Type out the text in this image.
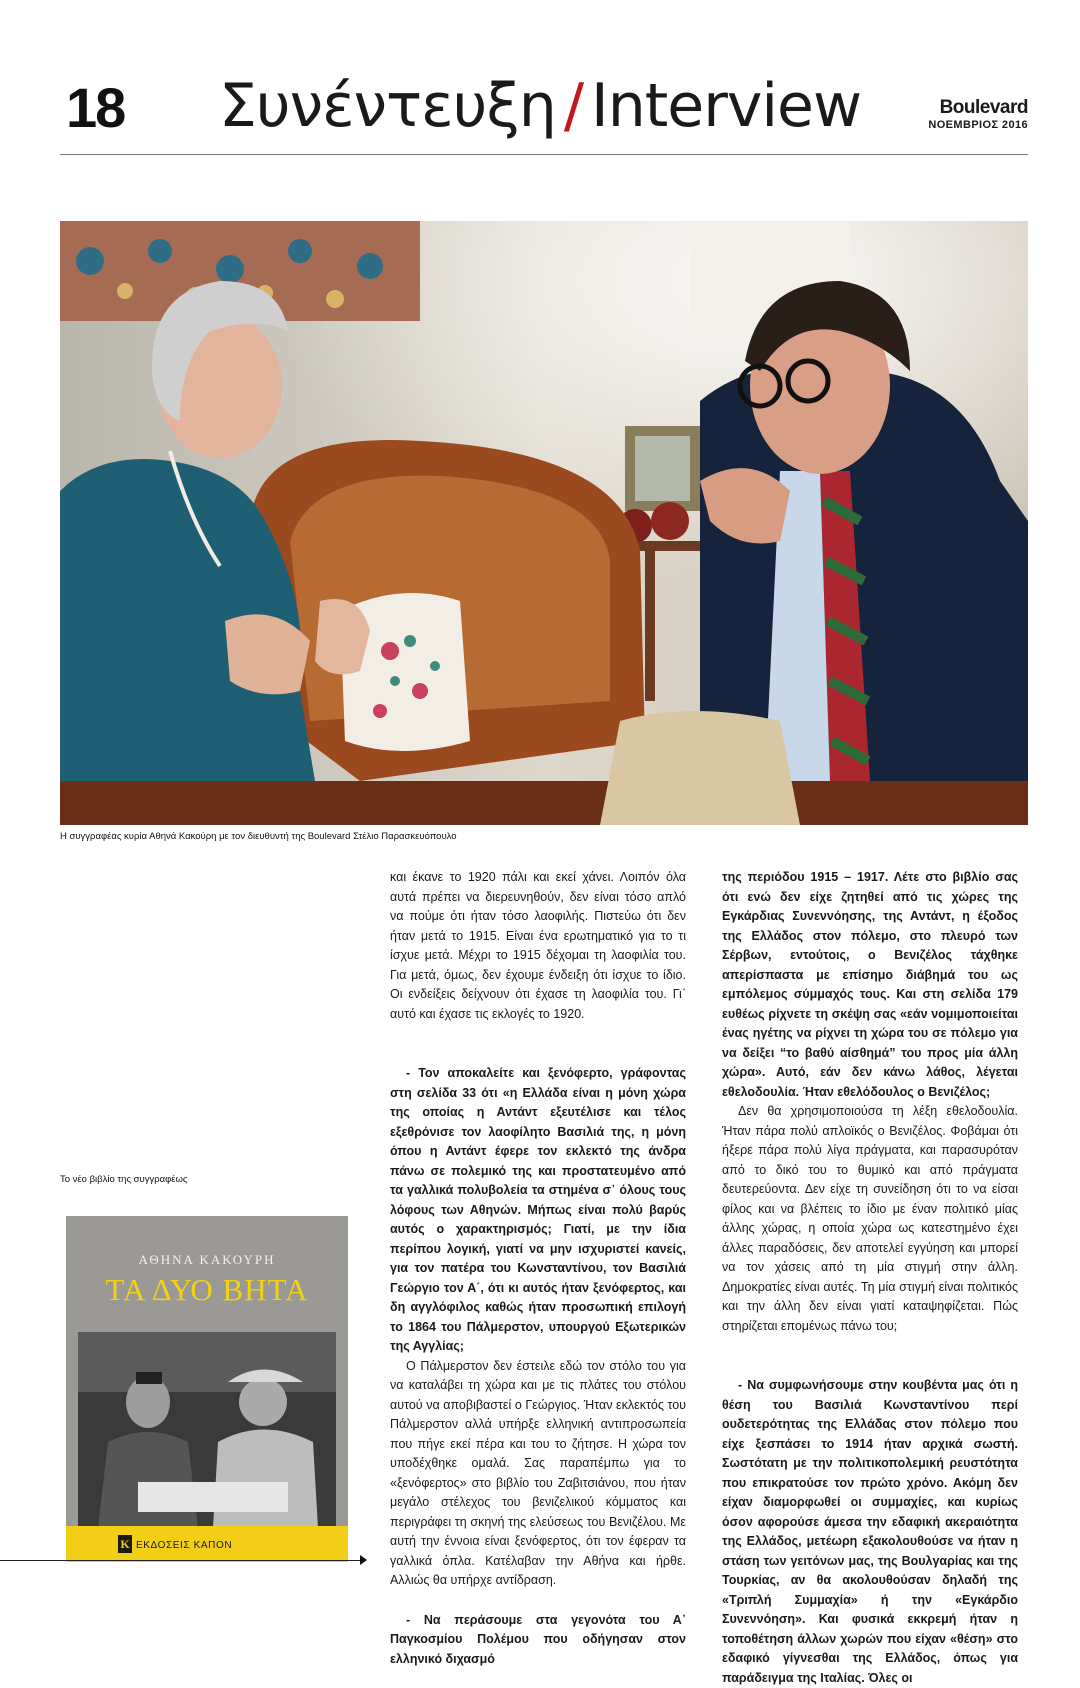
18	Συνέντευξη / Interview	Boulevard
ΝΟΕΜΒΡΙΟΣ 2016
Η συγγραφέας κυρία Αθηνά Κακούρη με τον διευθυντή της Boulevard Στέλιο Παρασκευόπουλο
Το νέο βιβλίο της συγγραφέως
ΑΘΗΝΑ ΚΑΚΟΥΡΗ
ΤΑ ΔΥΟ ΒΗΤΑ
Κ ΕΚΔΟΣΕΙΣ ΚΑΠΟΝ

και έκανε το 1920 πάλι και εκεί χάνει. Λοιπόν όλα αυτά πρέπει να διερευνηθούν, δεν είναι τόσο απλό να πούμε ότι ήταν τόσο λαοφιλής. Πιστεύω ότι δεν ήταν μετά το 1915. Είναι ένα ερωτηματικό για το τι ίσχυε μετά. Μέχρι το 1915 δέχομαι τη λαοφιλία του. Για μετά, όμως, δεν έχουμε ένδειξη ότι ίσχυε το ίδιο. Οι ενδείξεις δείχνουν ότι έχασε τη λαοφιλία του. Γι᾽ αυτό και έχασε τις εκλογές το 1920.

- Τον αποκαλείτε και ξενόφερτο, γράφοντας στη σελίδα 33 ότι «η Ελλάδα είναι η μόνη χώρα της οποίας η Αντάντ εξευτέλισε και τέλος εξεθρόνισε τον λαοφίλητο Βασιλιά της, η μόνη όπου η Αντάντ έφερε τον εκλεκτό της άνδρα πάνω σε πολεμικό της και προστατευμένο από τα γαλλικά πολυβολεία τα στημένα σ᾽ όλους τους λόφους των Αθηνών. Μήπως είναι πολύ βαρύς αυτός ο χαρακτηρισμός; Γιατί, με την ίδια περίπου λογική, γιατί να μην ισχυριστεί κανείς, για τον πατέρα του Κωνσταντίνου, τον Βασιλιά Γεώργιο τον Α΄, ότι κι αυτός ήταν ξενόφερτος, και δη αγγλόφιλος καθώς ήταν προσωπική επιλογή το 1864 του Πάλμερστον, υπουργού Εξωτερικών της Αγγλίας;

Ο Πάλμερστον δεν έστειλε εδώ τον στόλο του για να καταλάβει τη χώρα και με τις πλάτες του στόλου αυτού να αποβιβαστεί ο Γεώργιος. Ήταν εκλεκτός του Πάλμερστον αλλά υπήρξε ελληνική αντιπροσωπεία που πήγε εκεί πέρα και του το ζήτησε. Η χώρα τον υποδέχθηκε ομαλά. Σας παραπέμπω για το «ξενόφερτος» στο βιβλίο του Ζαβιτσιάνου, που ήταν μεγάλο στέλεχος του βενιζελικού κόμματος και περιγράφει τη σκηνή της ελεύσεως του Βενιζέλου. Με αυτή την έννοια είναι ξενόφερτος, ότι τον έφεραν τα γαλλικά όπλα. Κατέλαβαν την Αθήνα και ήρθε. Αλλιώς θα υπήρχε αντίδραση.

- Να περάσουμε στα γεγονότα του Α᾽ Παγκοσμίου Πολέμου που οδήγησαν στον ελληνικό διχασμό

της περιόδου 1915 – 1917. Λέτε στο βιβλίο σας ότι ενώ δεν είχε ζητηθεί από τις χώρες της Εγκάρδιας Συνεννόησης, της Αντάντ, η έξοδος της Ελλάδος στον πόλεμο, στο πλευρό των Σέρβων, εντούτοις, ο Βενιζέλος τάχθηκε απερίσπαστα με επίσημο διάβημά του ως εμπόλεμος σύμμαχός τους. Και στη σελίδα 179 ευθέως ρίχνετε τη σκέψη σας «εάν νομιμοποιείται ένας ηγέτης να ρίχνει τη χώρα του σε πόλεμο για να δείξει “το βαθύ αίσθημά” του προς μία άλλη χώρα». Αυτό, εάν δεν κάνω λάθος, λέγεται εθελοδουλία. Ήταν εθελόδουλος ο Βενιζέλος;

Δεν θα χρησιμοποιούσα τη λέξη εθελοδουλία. Ήταν πάρα πολύ απλοϊκός ο Βενιζέλος. Φοβάμαι ότι ήξερε πάρα πολύ λίγα πράγματα, και παρασυρόταν από το δικό του το θυμικό και από πράγματα δευτερεύοντα. Δεν είχε τη συνείδηση ότι το να είσαι φίλος και να βλέπεις το ίδιο με έναν πολιτικό μίας άλλης χώρας, η οποία χώρα ως κατεστημένο έχει άλλες παραδόσεις, δεν αποτελεί εγγύηση και μπορεί να τον χάσεις από τη μία στιγμή στην άλλη. Δημοκρατίες είναι αυτές. Τη μία στιγμή είναι πολιτικός και την άλλη δεν είναι γιατί καταψηφίζεται. Πώς στηρίζεται επομένως πάνω του;

- Να συμφωνήσουμε στην κουβέντα μας ότι η θέση του Βασιλιά Κωνσταντίνου περί ουδετερότητας της Ελλάδας στον πόλεμο που είχε ξεσπάσει το 1914 ήταν αρχικά σωστή. Σωστότατη με την πολιτικοπολεμική ρευστότητα που επικρατούσε τον πρώτο χρόνο. Ακόμη δεν είχαν διαμορφωθεί οι συμμαχίες, και κυρίως όσον αφορούσε άμεσα την εδαφική ακεραιότητα της Ελλάδος, μετέωρη εξακολουθούσε να ήταν η στάση των γειτόνων μας, της Βουλγαρίας και της Τουρκίας, αν θα ακολουθούσαν δηλαδή της «Τριπλή Συμμαχία» ή την «Εγκάρδιο Συνεννόηση». Και φυσικά εκκρεμή ήταν η τοποθέτηση άλλων χωρών που είχαν «θέση» στο εδαφικό γίγνεσθαι της Ελλάδος, όπως για παράδειγμα της Ιταλίας. Όλες οι
